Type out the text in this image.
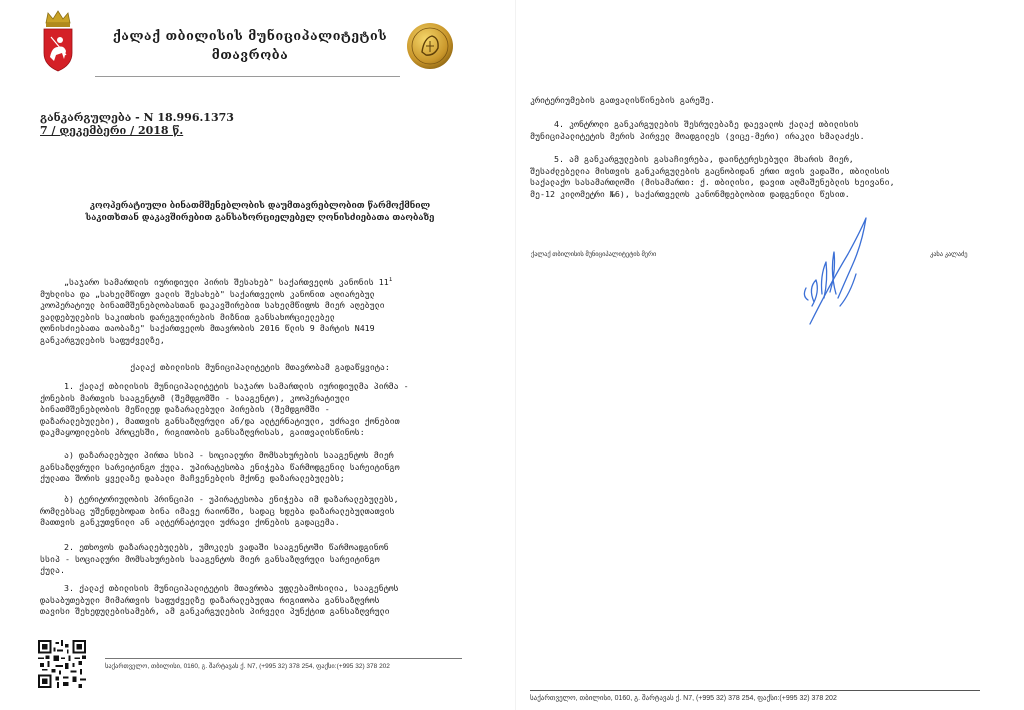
ქალაქ თბილისის მუნიციპალიტეტის
მთავრობა
განკარგულება - N 18.996.1373
7 / დეკემბერი / 2018 წ.
კოოპერატიული ბინათმშენებლობის დაუმთავრებლობით წარმოქმნილ
საკითხთან დაკავშირებით განსახორციელებელ ღონისძიებათა თაობაზე
„საჯარო სამართლის იურიდიული პირის შესახებ" საქართველოს კანონის $11^1$
მუხლისა და „სახელმწიფო ვალის შესახებ" საქართველოს კანონით აღიარებულ
კოოპერატიულ ბინათმშენებლობასთან დაკავშირებით სახელმწიფოს მიერ აღებული
ვალდებულების საკითხის დარეგულირების მიზნით განსახორციელებელ
ღონისძიებათა თაობაზე" საქართველოს მთავრობის 2016 წლის 9 მარტის N419
განკარგულების საფუძველზე,
ქალაქ თბილისის მუნიციპალიტეტის მთავრობამ გადაწყვიტა:
1. ქალაქ თბილისის მუნიციპალიტეტის საჯარო სამართლის იურიდიულმა პირმა -
ქონების მართვის სააგენტომ (შემდგომში - სააგენტო), კოოპერატიული
ბინათმშენებლობის მეწილედ დაზარალებული პირების (შემდგომში -
დაზარალებულები), მათთვის განსაზღვრული ან/და ალტერნატიული, უძრავი ქონებით
დაკმაყოფილების პროცესში, რიგითობის განსაზღვრისას, გაითვალისწინოს:
ა) დაზარალებული პირთა სსიპ - სოციალური მომსახურების სააგენტოს მიერ
განსაზღვრული სარეიტინგო ქულა. უპირატესობა ენიჭება წარმოდგენილ სარეიტინგო
ქულათა შორის ყველაზე დაბალი მაჩვენებლის მქონე დაზარალებულებს;
ბ) ტერიტორიულობის პრინციპი - უპირატესობა ენიჭება იმ დაზარალებულებს,
რომლებსაც უშენდებოდათ ბინა იმავე რაიონში, სადაც ხდება დაზარალებულთათვის
მათთვის განკუთვნილი ან ალტერნატიული უძრავი ქონების გადაცემა.
2. ეთხოვოს დაზარალებულებს, უმოკლეს ვადაში სააგენტოში წარმოადგინონ
სსიპ - სოციალური მომსახურების სააგენტოს მიერ განსაზღვრული სარეიტინგო
ქულა.
3. ქალაქ თბილისის მუნიციპალიტეტის მთავრობა უფლებამოსილია, სააგენტოს
დასაბუთებული მიმართვის საფუძველზე დაზარალებულთა რიგითობა განსაზღვროს
თავისი შეხედულებისამებრ, ამ განკარგულების პირველი პუნქტით განსაზღვრული
საქართველო, თბილისი, 0160, გ. შარტავას ქ. N7, (+995 32) 378 254, ფაქსი:(+995 32) 378 202
კრიტერიუმების გათვალისწინების გარეშე.
4. კონტროლი განკარგულების შესრულებაზე დაევალოს ქალაქ თბილისის
მუნიციპალიტეტის მერის პირველ მოადგილეს (ვიცე-მერი) ირაკლი ხმალაძეს.
5. ამ განკარგულების გასაჩივრება, დაინტერესებული მხარის მიერ,
შესაძლებელია მისთვის განკარგულების გაცნობიდან ერთი თვის ვადაში, თბილისის
საქალაქო სასამართლოში (მისამართი: ქ. თბილისი, დავით აღმაშენებლის ხეივანი,
მე-12 კილომეტრი №6), საქართველოს კანონმდებლობით დადგენილი წესით.
ქალაქ თბილისის მუნიციპალიტეტის მერი	კახა კალაძე
საქართველო, თბილისი, 0160, გ. შარტავას ქ. N7, (+995 32) 378 254, ფაქსი:(+995 32) 378 202
